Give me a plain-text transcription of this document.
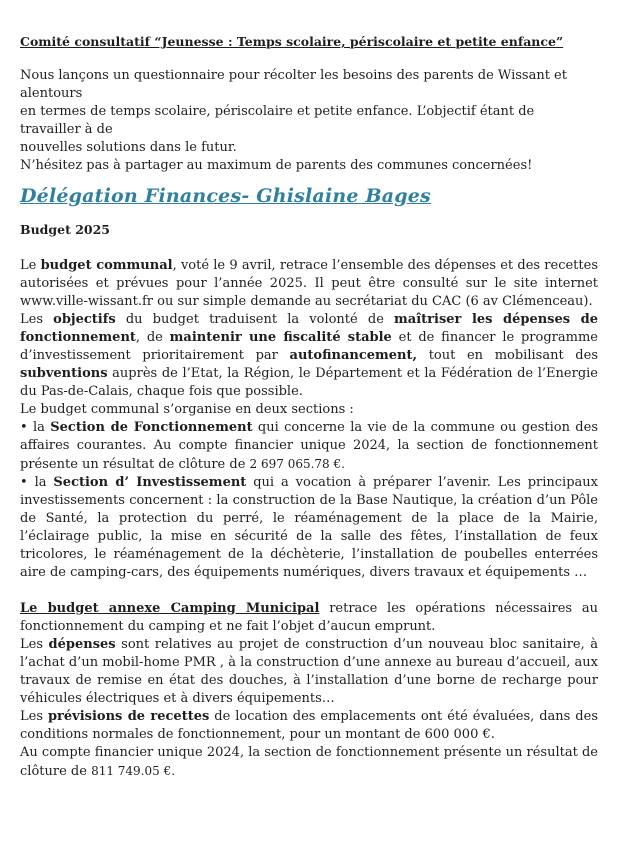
Comité consultatif “Jeunesse : Temps scolaire, périscolaire et petite enfance”

Nous lançons un questionnaire pour récolter les besoins des parents de Wissant et alentours

en termes de temps scolaire, périscolaire et petite enfance. L’objectif étant de travailler à de

nouvelles solutions dans le futur.

N’hésitez pas à partager au maximum de parents des communes concernées!

Délégation Finances- Ghislaine Bages

Budget 2025

Le budget communal, voté le 9 avril, retrace l’ensemble des dépenses et des recettes autorisées et prévues pour l’année 2025. Il peut être consulté sur le site internet www.ville-wissant.fr ou sur simple demande au secrétariat du CAC (6 av Clémenceau).

Les objectifs du budget traduisent la volonté de maîtriser les dépenses de fonctionnement, de maintenir une fiscalité stable et de financer le programme d’investissement prioritairement par autofinancement, tout en mobilisant des subventions auprès de l’Etat, la Région, le Département et la Fédération de l’Energie du Pas-de-Calais, chaque fois que possible.

Le budget communal s’organise en deux sections :

• la Section de Fonctionnement qui concerne la vie de la commune ou gestion des affaires courantes. Au compte financier unique 2024, la section de fonctionnement présente un résultat de clôture de 2 697 065.78 €.

• la Section d’ Investissement qui a vocation à préparer l’avenir. Les principaux investissements concernent : la construction de la Base Nautique, la création d’un Pôle de Santé, la protection du perré, le réaménagement de la place de la Mairie, l’éclairage public, la mise en sécurité de la salle des fêtes, l’installation de feux tricolores, le réaménagement de la déchèterie, l’installation de poubelles enterrées aire de camping-cars, des équipements numériques, divers travaux et équipements …

Le budget annexe Camping Municipal retrace les opérations nécessaires au fonctionnement du camping et ne fait l’objet d’aucun emprunt.

Les dépenses sont relatives au projet de construction d’un nouveau bloc sanitaire, à l’achat d’un mobil-home PMR , à la construction d’une annexe au bureau d’accueil, aux travaux de remise en état des douches, à l’installation d’une borne de recharge pour véhicules électriques et à divers équipements…

Les prévisions de recettes de location des emplacements ont été évaluées, dans des conditions normales de fonctionnement, pour un montant de 600 000 €.

Au compte financier unique 2024, la section de fonctionnement présente un résultat de clôture de 811 749.05 €.
